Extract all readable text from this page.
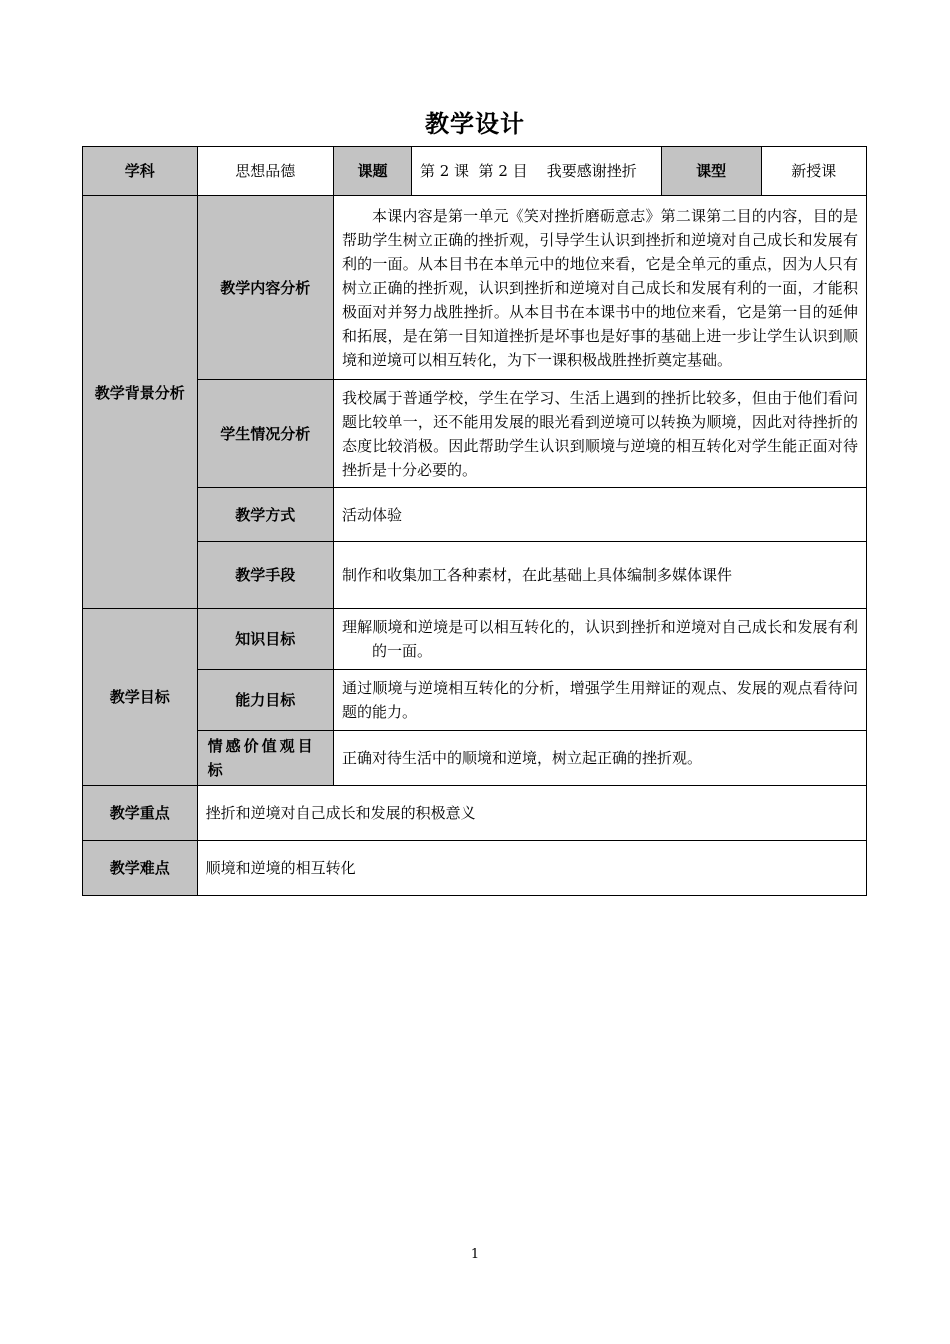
教学设计
学科	思想品德	课题	第 2 课  第 2 目    我要感谢挫折	课型	新授课

教学背景分析	教学内容分析	本课内容是第一单元《笑对挫折磨砺意志》第二课第二目的内容，目的是帮助学生树立正确的挫折观，引导学生认识到挫折和逆境对自己成长和发展有利的一面。从本目书在本单元中的地位来看，它是全单元的重点，因为人只有树立正确的挫折观，认识到挫折和逆境对自己成长和发展有利的一面，才能积极面对并努力战胜挫折。从本目书在本课书中的地位来看，它是第一目的延伸和拓展，是在第一目知道挫折是坏事也是好事的基础上进一步让学生认识到顺境和逆境可以相互转化，为下一课积极战胜挫折奠定基础。			
	学生情况分析	我校属于普通学校，学生在学习、生活上遇到的挫折比较多，但由于他们看问题比较单一，还不能用发展的眼光看到逆境可以转换为顺境，因此对待挫折的态度比较消极。因此帮助学生认识到顺境与逆境的相互转化对学生能正面对待挫折是十分必要的。			
	教学方式	活动体验			
	教学手段	制作和收集加工各种素材，在此基础上具体编制多媒体课件			
教学目标	知识目标	理解顺境和逆境是可以相互转化的，认识到挫折和逆境对自己成长和发展有利的一面。			
	能力目标	通过顺境与逆境相互转化的分析，增强学生用辩证的观点、发展的观点看待问题的能力。			
	情感价值观目标	正确对待生活中的顺境和逆境，树立起正确的挫折观。			
教学重点	挫折和逆境对自己成长和发展的积极意义				
教学难点	顺境和逆境的相互转化				
1
